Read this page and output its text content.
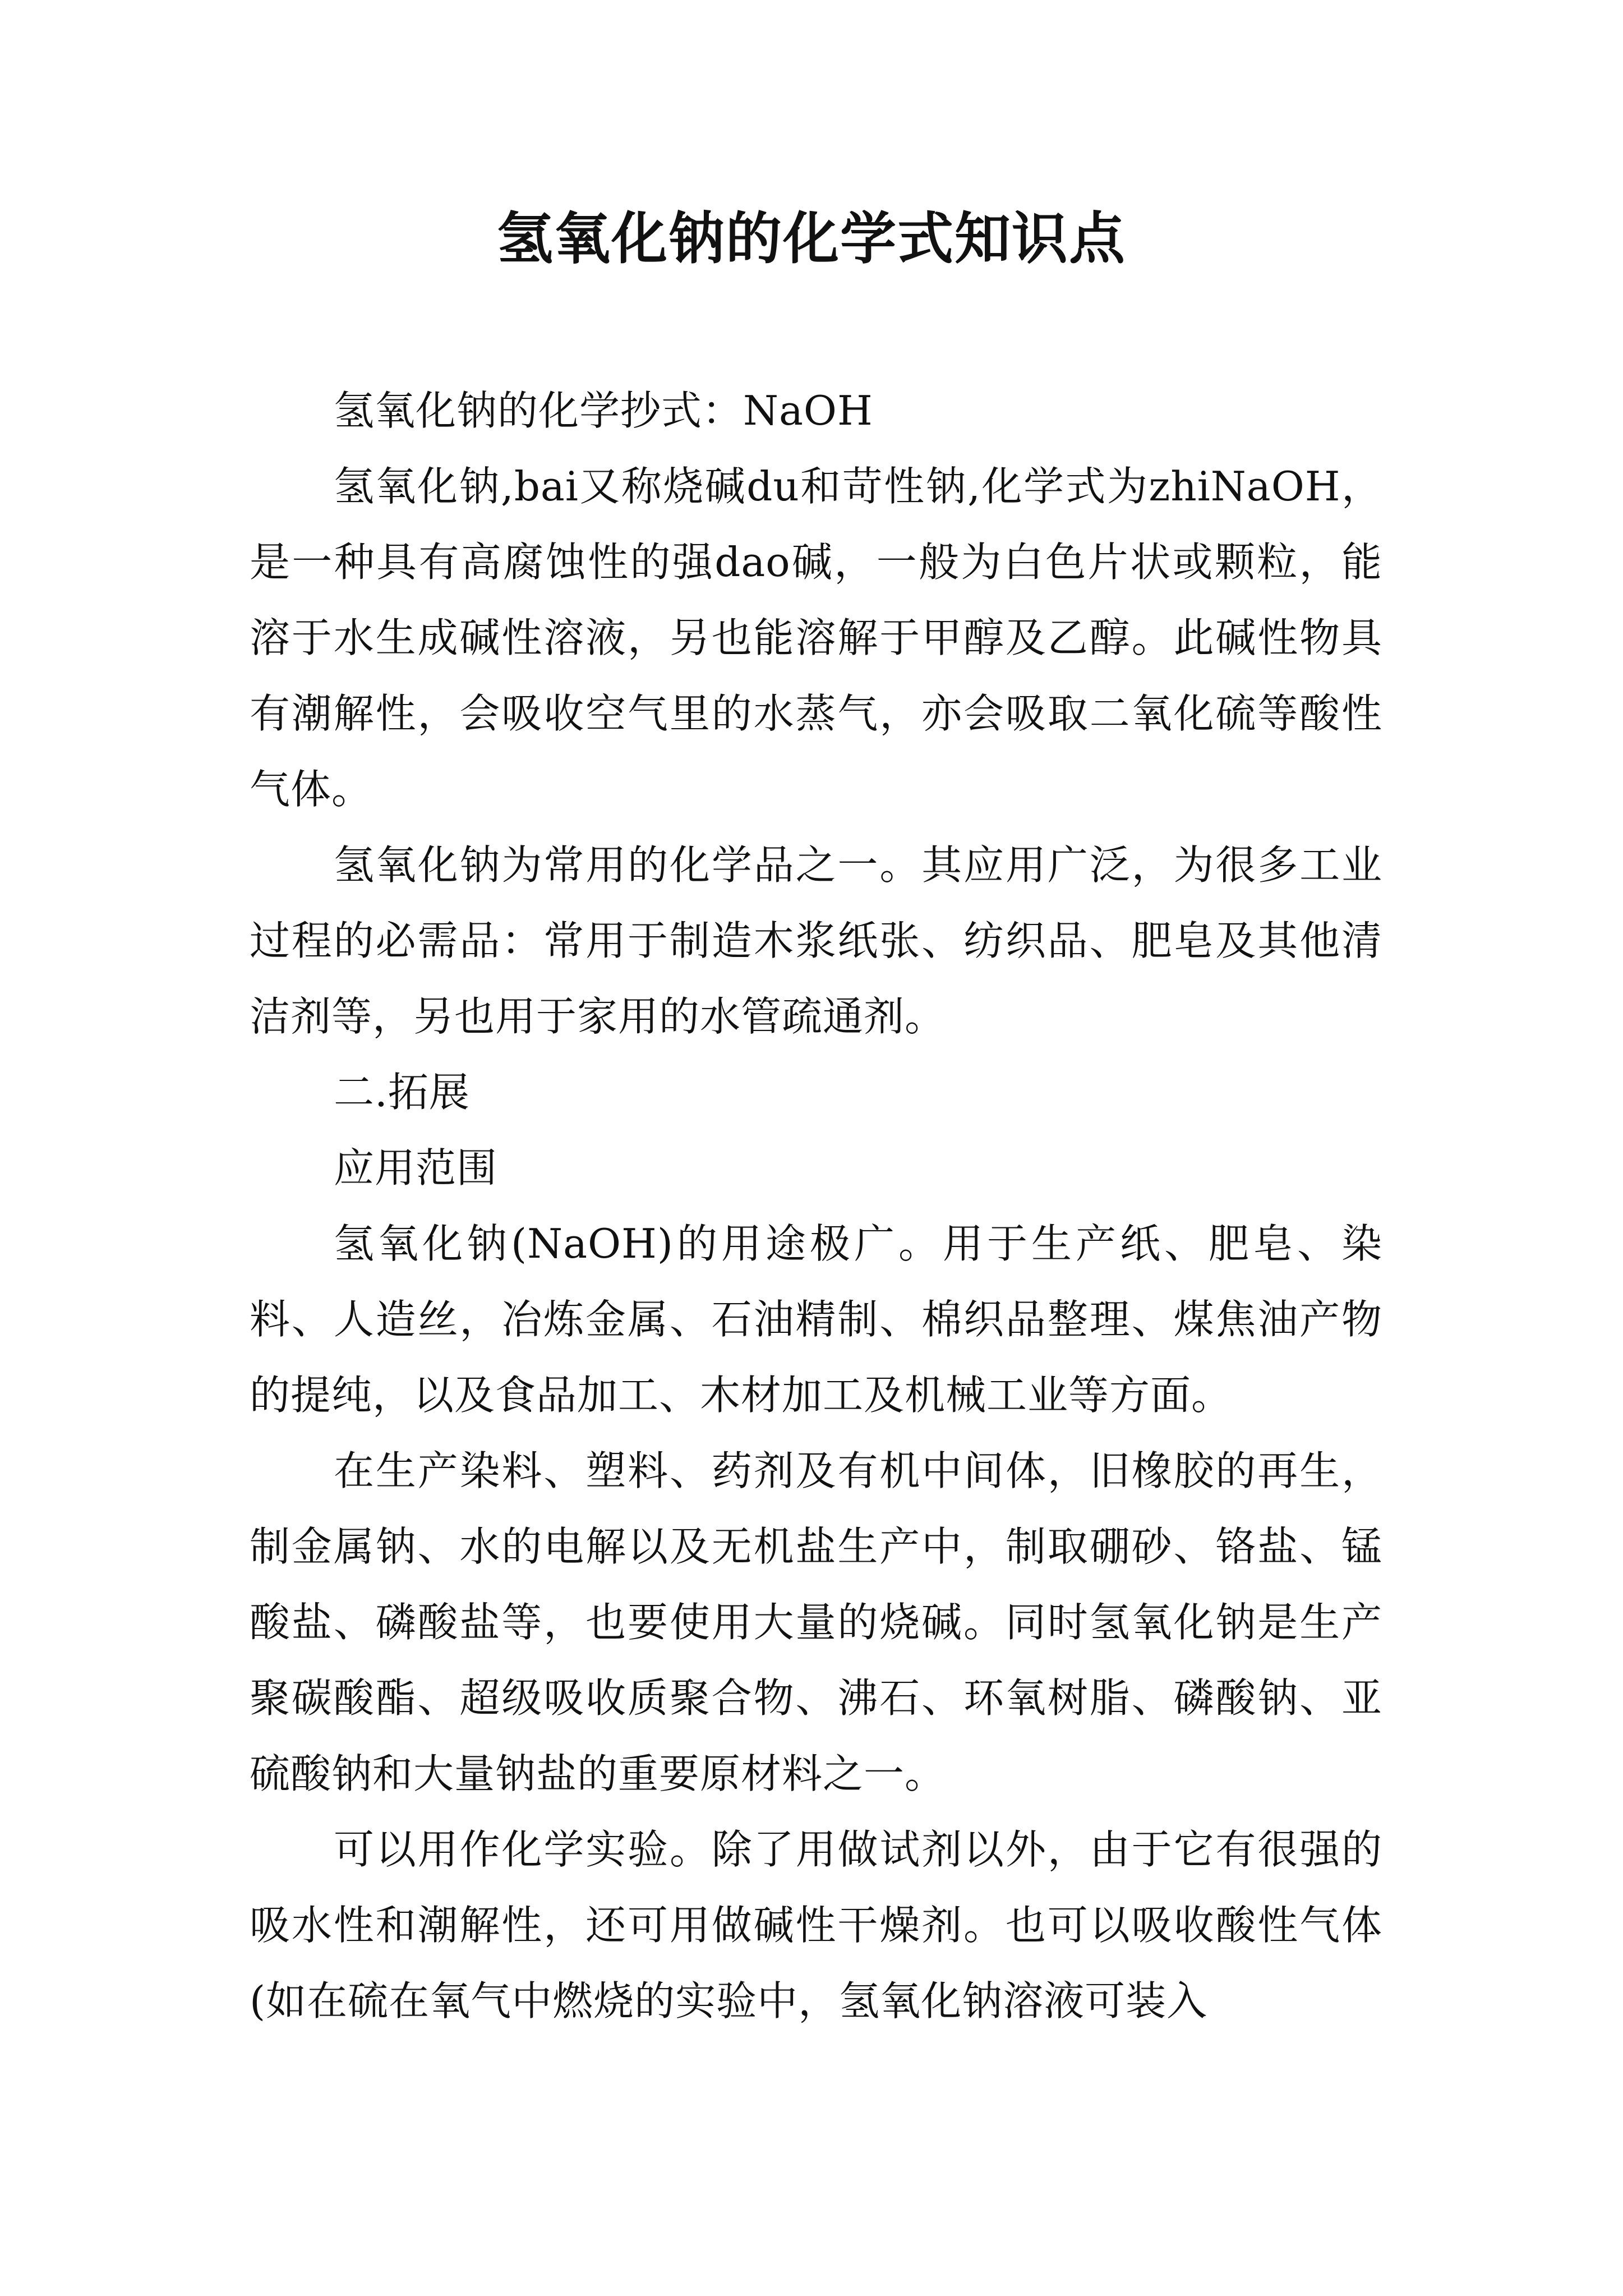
氢氧化钠的化学式知识点

氢氧化钠的化学抄式：NaOH

氢氧化钠,bai又称烧碱du和苛性钠,化学式为zhiNaOH，是一种具有高腐蚀性的强dao碱，一般为白色片状或颗粒，能溶于水生成碱性溶液，另也能溶解于甲醇及乙醇。此碱性物具有潮解性，会吸收空气里的水蒸气，亦会吸取二氧化硫等酸性气体。

氢氧化钠为常用的化学品之一。其应用广泛，为很多工业过程的必需品：常用于制造木浆纸张、纺织品、肥皂及其他清洁剂等，另也用于家用的水管疏通剂。

二.拓展

应用范围

氢氧化钠(NaOH)的用途极广。用于生产纸、肥皂、染料、人造丝，冶炼金属、石油精制、棉织品整理、煤焦油产物的提纯，以及食品加工、木材加工及机械工业等方面。

在生产染料、塑料、药剂及有机中间体，旧橡胶的再生，制金属钠、水的电解以及无机盐生产中，制取硼砂、铬盐、锰酸盐、磷酸盐等，也要使用大量的烧碱。同时氢氧化钠是生产聚碳酸酯、超级吸收质聚合物、沸石、环氧树脂、磷酸钠、亚硫酸钠和大量钠盐的重要原材料之一。

可以用作化学实验。除了用做试剂以外，由于它有很强的吸水性和潮解性，还可用做碱性干燥剂。也可以吸收酸性气体(如在硫在氧气中燃烧的实验中，氢氧化钠溶液可装入
